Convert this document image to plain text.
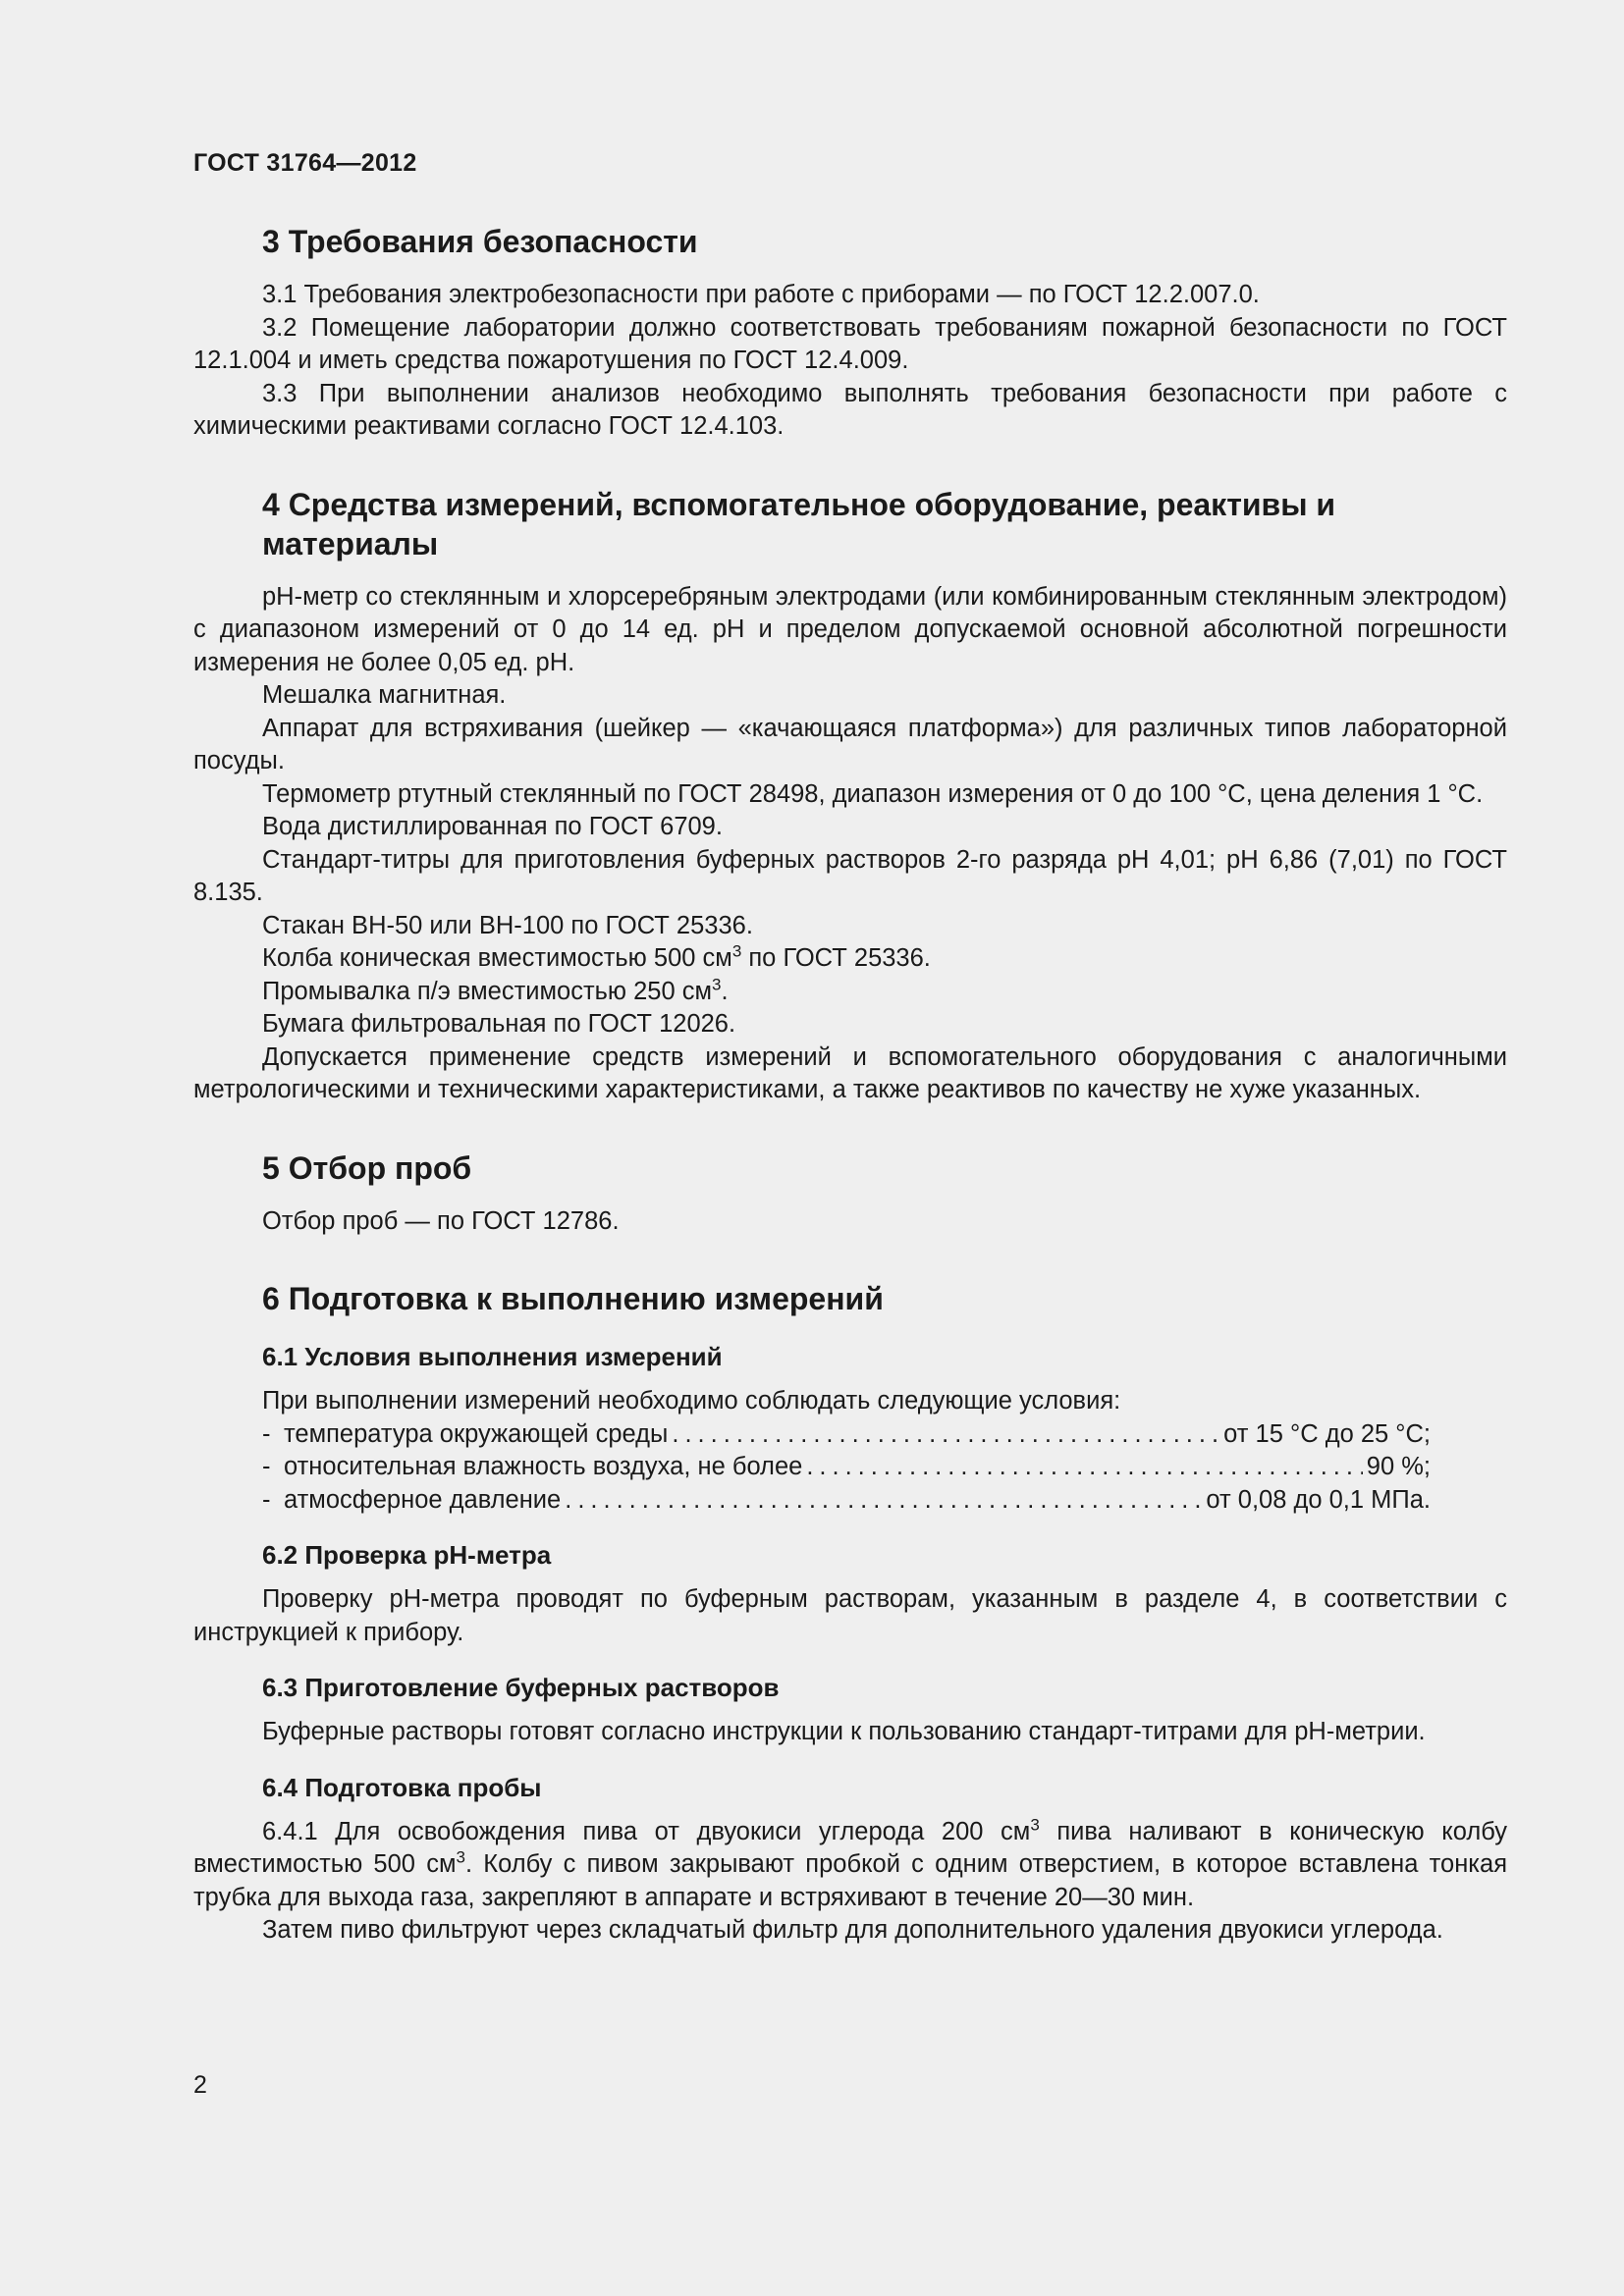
ГОСТ 31764—2012
3 Требования безопасности

3.1 Требования электробезопасности при работе с приборами — по ГОСТ 12.2.007.0.

3.2 Помещение лаборатории должно соответствовать требованиям пожарной безопасности по ГОСТ 12.1.004 и иметь средства пожаротушения по ГОСТ 12.4.009.

3.3 При выполнении анализов необходимо выполнять требования безопасности при работе с химическими реактивами согласно ГОСТ 12.4.103.

4 Средства измерений, вспомогательное оборудование, реактивы и материалы

pH-метр со стеклянным и хлорсеребряным электродами (или комбинированным стеклянным электродом) с диапазоном измерений от 0 до 14 ед. pH и пределом допускаемой основной абсолютной погрешности измерения не более 0,05 ед. pH.

Мешалка магнитная.

Аппарат для встряхивания (шейкер — «качающаяся платформа») для различных типов лабораторной посуды.

Термометр ртутный стеклянный по ГОСТ 28498, диапазон измерения от 0 до 100 °С, цена деления 1 °С.

Вода дистиллированная по ГОСТ 6709.

Стандарт-титры для приготовления буферных растворов 2-го разряда pH 4,01; pH 6,86 (7,01) по ГОСТ 8.135.

Стакан ВН-50 или ВН-100 по ГОСТ 25336.

Колба коническая вместимостью 500 $см^3$ по ГОСТ 25336.

Промывалка п/э вместимостью 250 $см^3$.

Бумага фильтровальная по ГОСТ 12026.

Допускается применение средств измерений и вспомогательного оборудования с аналогичными метрологическими и техническими характеристиками, а также реактивов по качеству не хуже указанных.

5 Отбор проб

Отбор проб — по ГОСТ 12786.

6 Подготовка к выполнению измерений
6.1 Условия выполнения измерений

При выполнении измерений необходимо соблюдать следующие условия:

- температура окружающей среды .....	от 15 °С до 25 °С;
- относительная влажность воздуха, не более .....	90 %;
- атмосферное давление .....	от 0,08 до 0,1 МПа.
6.2 Проверка pH-метра

Проверку pH-метра проводят по буферным растворам, указанным в разделе 4, в соответствии с инструкцией к прибору.

6.3 Приготовление буферных растворов

Буферные растворы готовят согласно инструкции к пользованию стандарт-титрами для pH-метрии.

6.4 Подготовка пробы

6.4.1 Для освобождения пива от двуокиси углерода 200 $см^3$ пива наливают в коническую колбу вместимостью 500 $см^3$. Колбу с пивом закрывают пробкой с одним отверстием, в которое вставлена тонкая трубка для выхода газа, закрепляют в аппарате и встряхивают в течение 20—30 мин.

Затем пиво фильтруют через складчатый фильтр для дополнительного удаления двуокиси углерода.

2
